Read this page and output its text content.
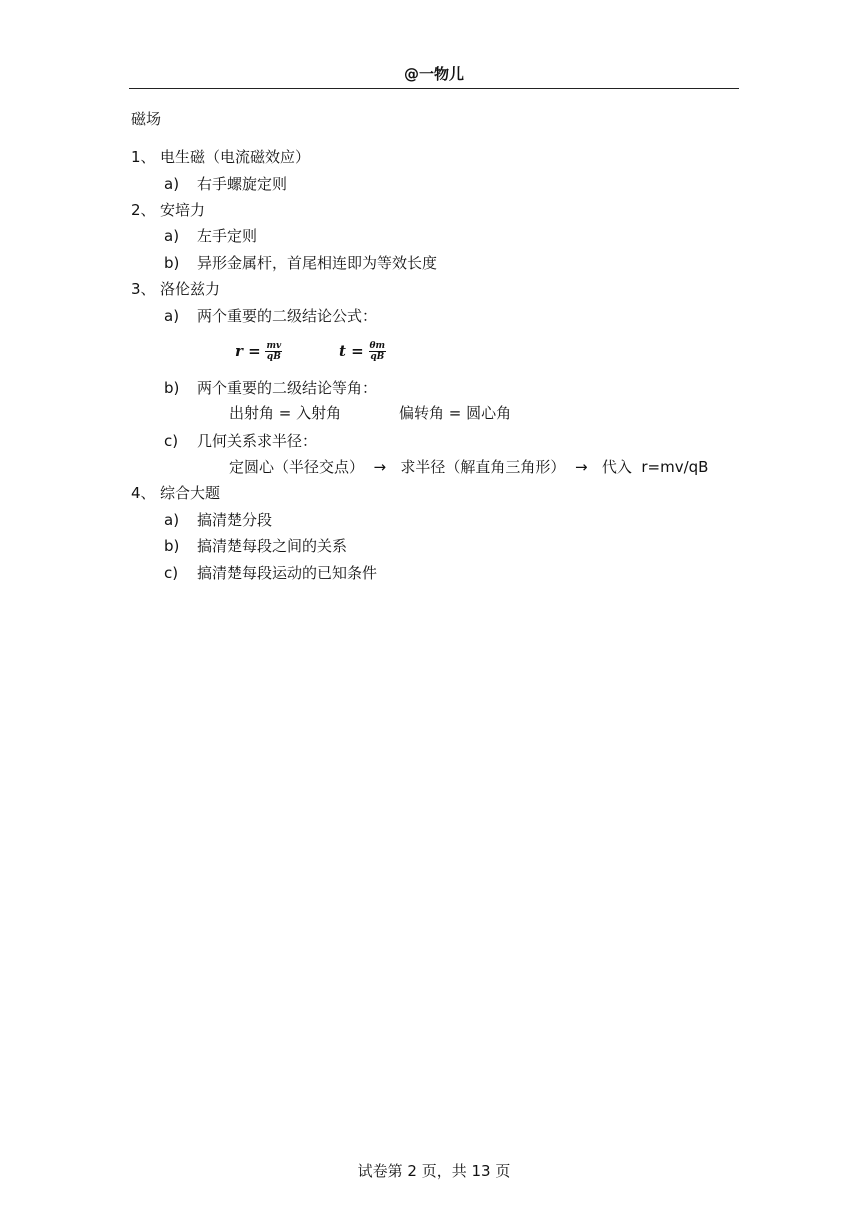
@一物儿
磁场
1、 电生磁（电流磁效应）
a) 右手螺旋定则
2、 安培力
a) 左手定则
b) 异形金属杆，首尾相连即为等效长度
3、 洛伦兹力
a) 两个重要的二级结论公式：
$r = \frac{mv}{qB}$	$t = \frac{\theta m}{qB}$
b) 两个重要的二级结论等角：
出射角 = 入射角	偏转角 = 圆心角
c) 几何关系求半径：
定圆心（半径交点）  →   求半径（解直角三角形）  →   代入  r=mv/qB
4、 综合大题
a) 搞清楚分段
b) 搞清楚每段之间的关系
c) 搞清楚每段运动的已知条件
试卷第 2 页，共 13 页
